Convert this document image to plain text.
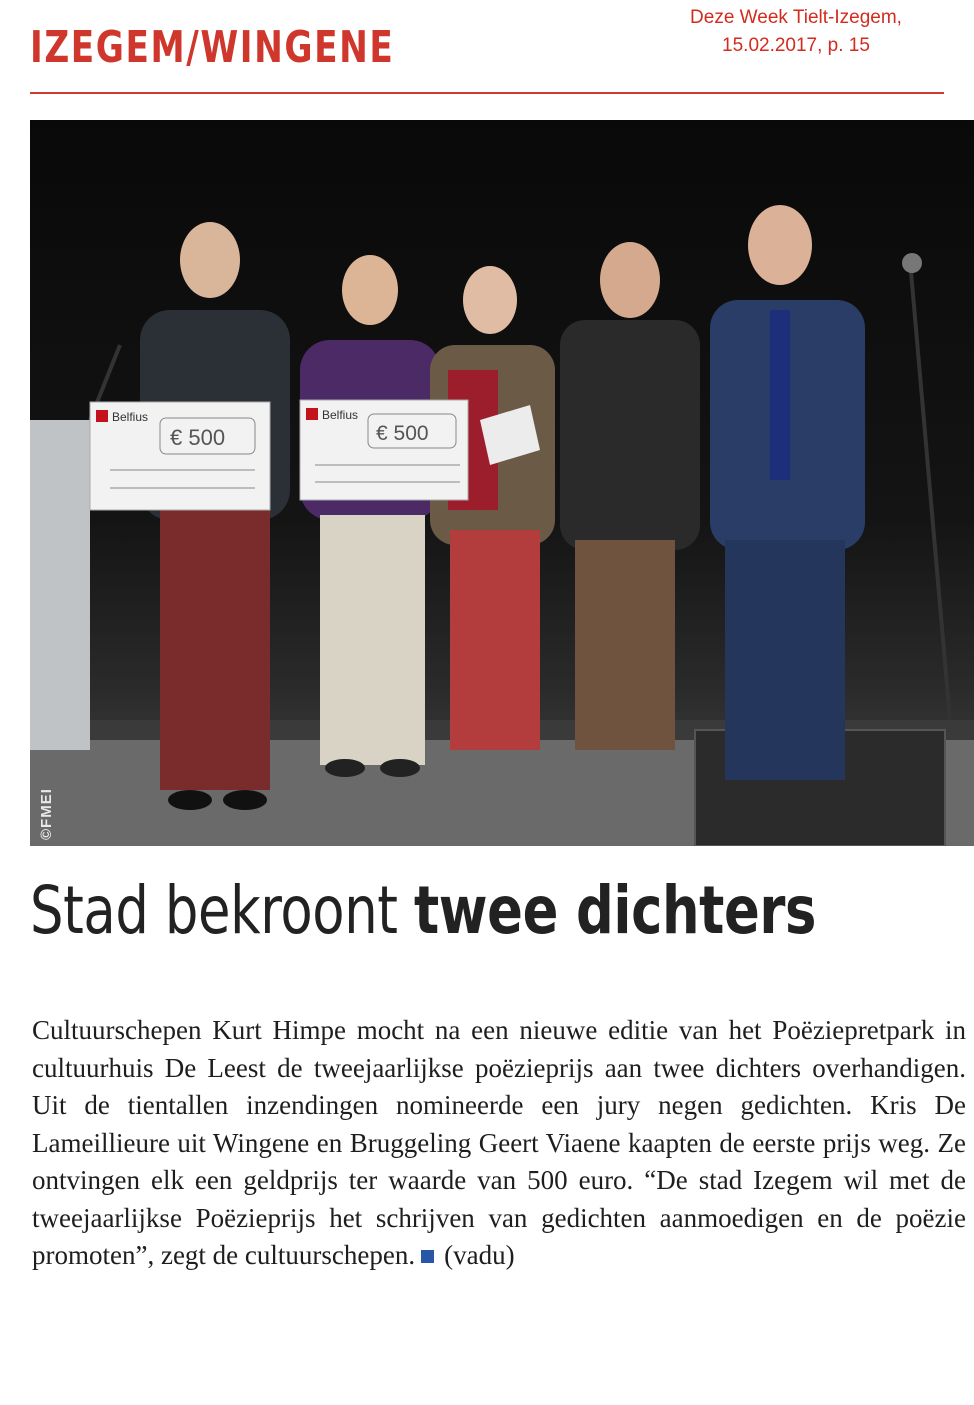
IZEGEM/WINGENE
Deze Week Tielt-Izegem,
15.02.2017, p. 15
Belfius
€ 500
Belfius
€ 500
©FMEI
Stad bekroont twee dichters
Cultuurschepen Kurt Himpe mocht na een nieuwe editie van het Poëziepretpark in cultuurhuis De Leest de tweejaarlijkse poëzieprijs aan twee dichters overhandigen. Uit de tientallen inzendingen nomineerde een jury negen gedichten. Kris De Lameillieure uit Wingene en Bruggeling Geert Viaene kaapten de eerste prijs weg. Ze ontvingen elk een geldprijs ter waarde van 500 euro. “De stad Izegem wil met de tweejaarlijkse Poëzieprijs het schrijven van gedichten aanmoedigen en de poëzie promoten”, zegt de cultuurschepen. (vadu)
